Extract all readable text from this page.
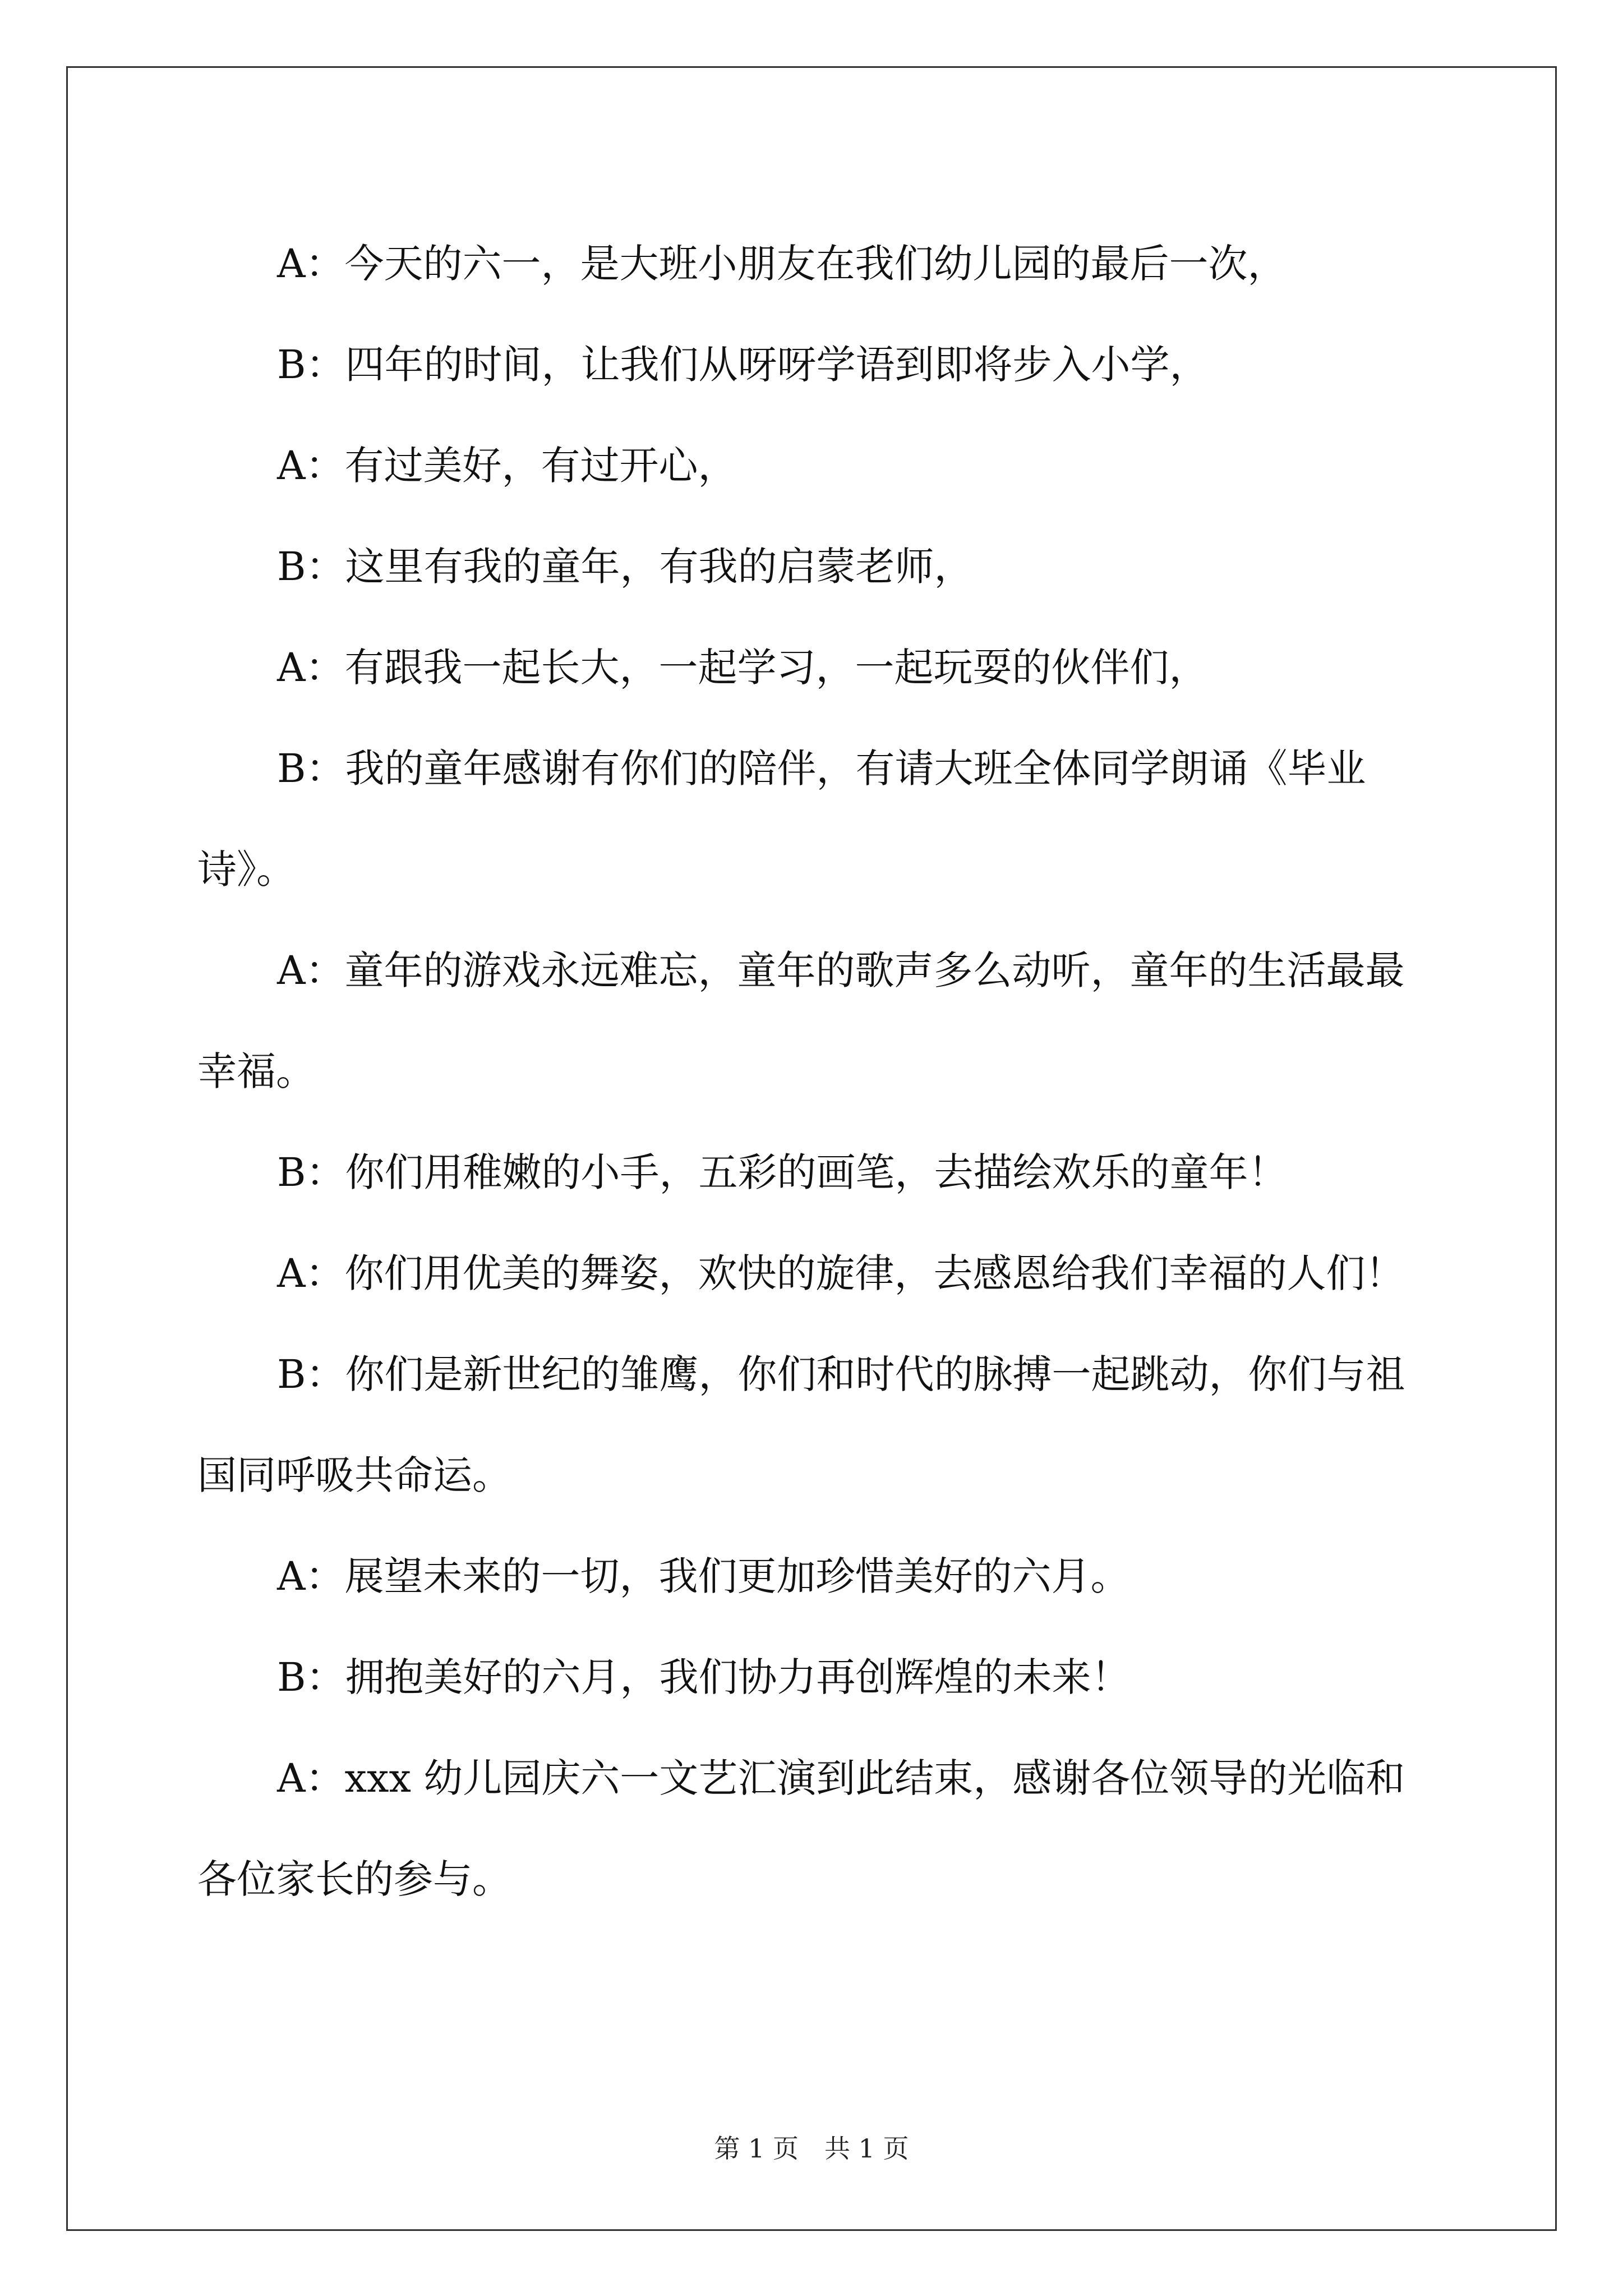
A：今天的六一，是大班小朋友在我们幼儿园的最后一次，
B：四年的时间，让我们从呀呀学语到即将步入小学，
A：有过美好，有过开心，
B：这里有我的童年，有我的启蒙老师，
A：有跟我一起长大，一起学习，一起玩耍的伙伴们，
B：我的童年感谢有你们的陪伴，有请大班全体同学朗诵《毕业
诗》。
A：童年的游戏永远难忘，童年的歌声多么动听，童年的生活最最
幸福。
B：你们用稚嫩的小手，五彩的画笔，去描绘欢乐的童年！
A：你们用优美的舞姿，欢快的旋律，去感恩给我们幸福的人们！
B：你们是新世纪的雏鹰，你们和时代的脉搏一起跳动，你们与祖
国同呼吸共命运。
A：展望未来的一切，我们更加珍惜美好的六月。
B：拥抱美好的六月，我们协力再创辉煌的未来！
A：xxx 幼儿园庆六一文艺汇演到此结束，感谢各位领导的光临和
各位家长的参与。
第 1 页　共 1 页
